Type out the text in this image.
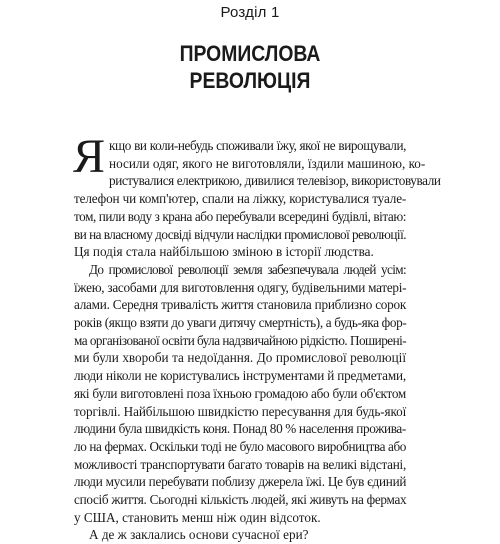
Розділ 1
ПРОМИСЛОВА
РЕВОЛЮЦІЯ
Я кщо ви коли-небудь споживали їжу, якої не вирощували,
носили одяг, якого не виготовляли, їздили машиною, ко-
ристувалися електрикою, дивилися телевізор, використовували
телефон чи комп'ютер, спали на ліжку, користувалися туале-
том, пили воду з крана або перебували всередині будівлі, вітаю:
ви на власному досвіді відчули наслідки промислової революції.
Ця подія стала найбільшою зміною в історії людства.
До промислової революції земля забезпечувала людей усім:
їжею, засобами для виготовлення одягу, будівельними матері-
алами. Середня тривалість життя становила приблизно сорок
років (якщо взяти до уваги дитячу смертність), а будь-яка фор-
ма організованої освіти була надзвичайною рідкістю. Поширені-
ми були хвороби та недоїдання. До промислової революції
люди ніколи не користувались інструментами й предметами,
які були виготовлені поза їхньою громадою або були об'єктом
торгівлі. Найбільшою швидкістю пересування для будь-якої
людини була швидкість коня. Понад 80 % населення прожива-
ло на фермах. Оскільки тоді не було масового виробництва або
можливості транспортувати багато товарів на великі відстані,
люди мусили перебувати поблизу джерела їжі. Це був єдиний
спосіб життя. Сьогодні кількість людей, які живуть на фермах
у США, становить менш ніж один відсоток.
А де ж заклались основи сучасної ери?
